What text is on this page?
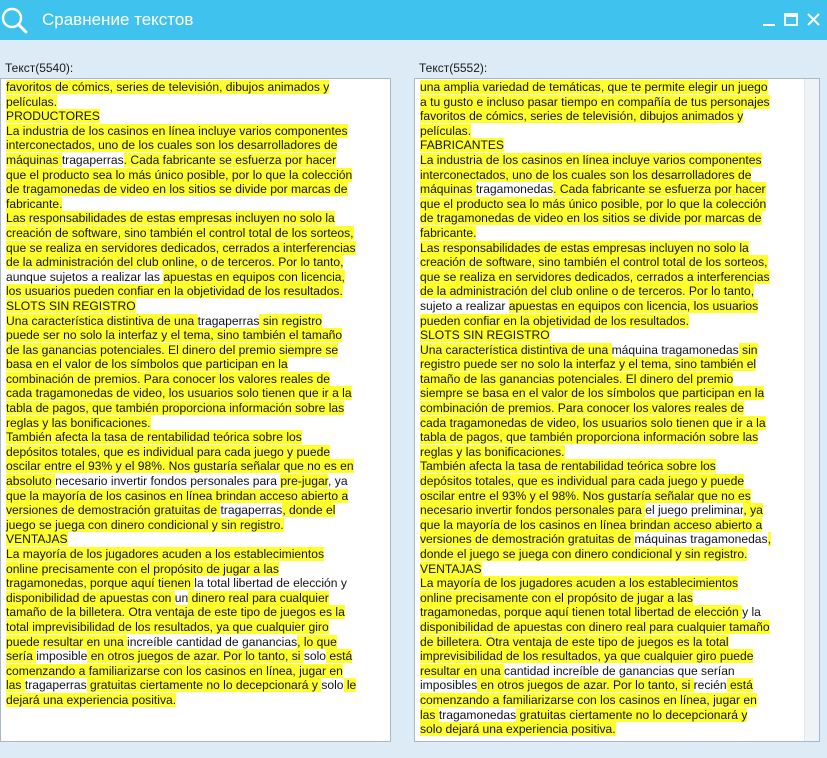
Сравнение текстов
Текст(5540):	Текст(5552):
favoritos de cómics, series de televisión, dibujos animados y
películas.
PRODUCTORES
La industria de los casinos en línea incluye varios componentes
interconectados, uno de los cuales son los desarrolladores de
máquinas tragaperras. Cada fabricante se esfuerza por hacer
que el producto sea lo más único posible, por lo que la colección
de tragamonedas de video en los sitios se divide por marcas de
fabricante.
Las responsabilidades de estas empresas incluyen no solo la
creación de software, sino también el control total de los sorteos,
que se realiza en servidores dedicados, cerrados a interferencias
de la administración del club online, o de terceros. Por lo tanto,
aunque sujetos a realizar las apuestas en equipos con licencia,
los usuarios pueden confiar en la objetividad de los resultados.
SLOTS SIN REGISTRO
Una característica distintiva de una tragaperras sin registro
puede ser no solo la interfaz y el tema, sino también el tamaño
de las ganancias potenciales. El dinero del premio siempre se
basa en el valor de los símbolos que participan en la
combinación de premios. Para conocer los valores reales de
cada tragamonedas de video, los usuarios solo tienen que ir a la
tabla de pagos, que también proporciona información sobre las
reglas y las bonificaciones.
También afecta la tasa de rentabilidad teórica sobre los
depósitos totales, que es individual para cada juego y puede
oscilar entre el 93% y el 98%. Nos gustaría señalar que no es en
absoluto necesario invertir fondos personales para pre-jugar, ya
que la mayoría de los casinos en línea brindan acceso abierto a
versiones de demostración gratuitas de tragaperras, donde el
juego se juega con dinero condicional y sin registro.
VENTAJAS
La mayoría de los jugadores acuden a los establecimientos
online precisamente con el propósito de jugar a las
tragamonedas, porque aquí tienen la total libertad de elección y
disponibilidad de apuestas con un dinero real para cualquier
tamaño de la billetera. Otra ventaja de este tipo de juegos es la
total imprevisibilidad de los resultados, ya que cualquier giro
puede resultar en una increíble cantidad de ganancias, lo que
sería imposible en otros juegos de azar. Por lo tanto, si solo está
comenzando a familiarizarse con los casinos en línea, jugar en
las tragaperras gratuitas ciertamente no lo decepcionará y solo le
dejará una experiencia positiva.
una amplia variedad de temáticas, que te permite elegir un juego
a tu gusto e incluso pasar tiempo en compañía de tus personajes
favoritos de cómics, series de televisión, dibujos animados y
películas.
FABRICANTES
La industria de los casinos en línea incluye varios componentes
interconectados, uno de los cuales son los desarrolladores de
máquinas tragamonedas. Cada fabricante se esfuerza por hacer
que el producto sea lo más único posible, por lo que la colección
de tragamonedas de video en los sitios se divide por marcas de
fabricante.
Las responsabilidades de estas empresas incluyen no solo la
creación de software, sino también el control total de los sorteos,
que se realiza en servidores dedicados, cerrados a interferencias
de la administración del club online o de terceros. Por lo tanto,
sujeto a realizar apuestas en equipos con licencia, los usuarios
pueden confiar en la objetividad de los resultados.
SLOTS SIN REGISTRO
Una característica distintiva de una máquina tragamonedas sin
registro puede ser no solo la interfaz y el tema, sino también el
tamaño de las ganancias potenciales. El dinero del premio
siempre se basa en el valor de los símbolos que participan en la
combinación de premios. Para conocer los valores reales de
cada tragamonedas de video, los usuarios solo tienen que ir a la
tabla de pagos, que también proporciona información sobre las
reglas y las bonificaciones.
También afecta la tasa de rentabilidad teórica sobre los
depósitos totales, que es individual para cada juego y puede
oscilar entre el 93% y el 98%. Nos gustaría señalar que no es
necesario invertir fondos personales para el juego preliminar, ya
que la mayoría de los casinos en línea brindan acceso abierto a
versiones de demostración gratuitas de máquinas tragamonedas,
donde el juego se juega con dinero condicional y sin registro.
VENTAJAS
La mayoría de los jugadores acuden a los establecimientos
online precisamente con el propósito de jugar a las
tragamonedas, porque aquí tienen total libertad de elección y la
disponibilidad de apuestas con dinero real para cualquier tamaño
de billetera. Otra ventaja de este tipo de juegos es la total
imprevisibilidad de los resultados, ya que cualquier giro puede
resultar en una cantidad increíble de ganancias que serían
imposibles en otros juegos de azar. Por lo tanto, si recién está
comenzando a familiarizarse con los casinos en línea, jugar en
las tragamonedas gratuitas ciertamente no lo decepcionará y
solo dejará una experiencia positiva.
